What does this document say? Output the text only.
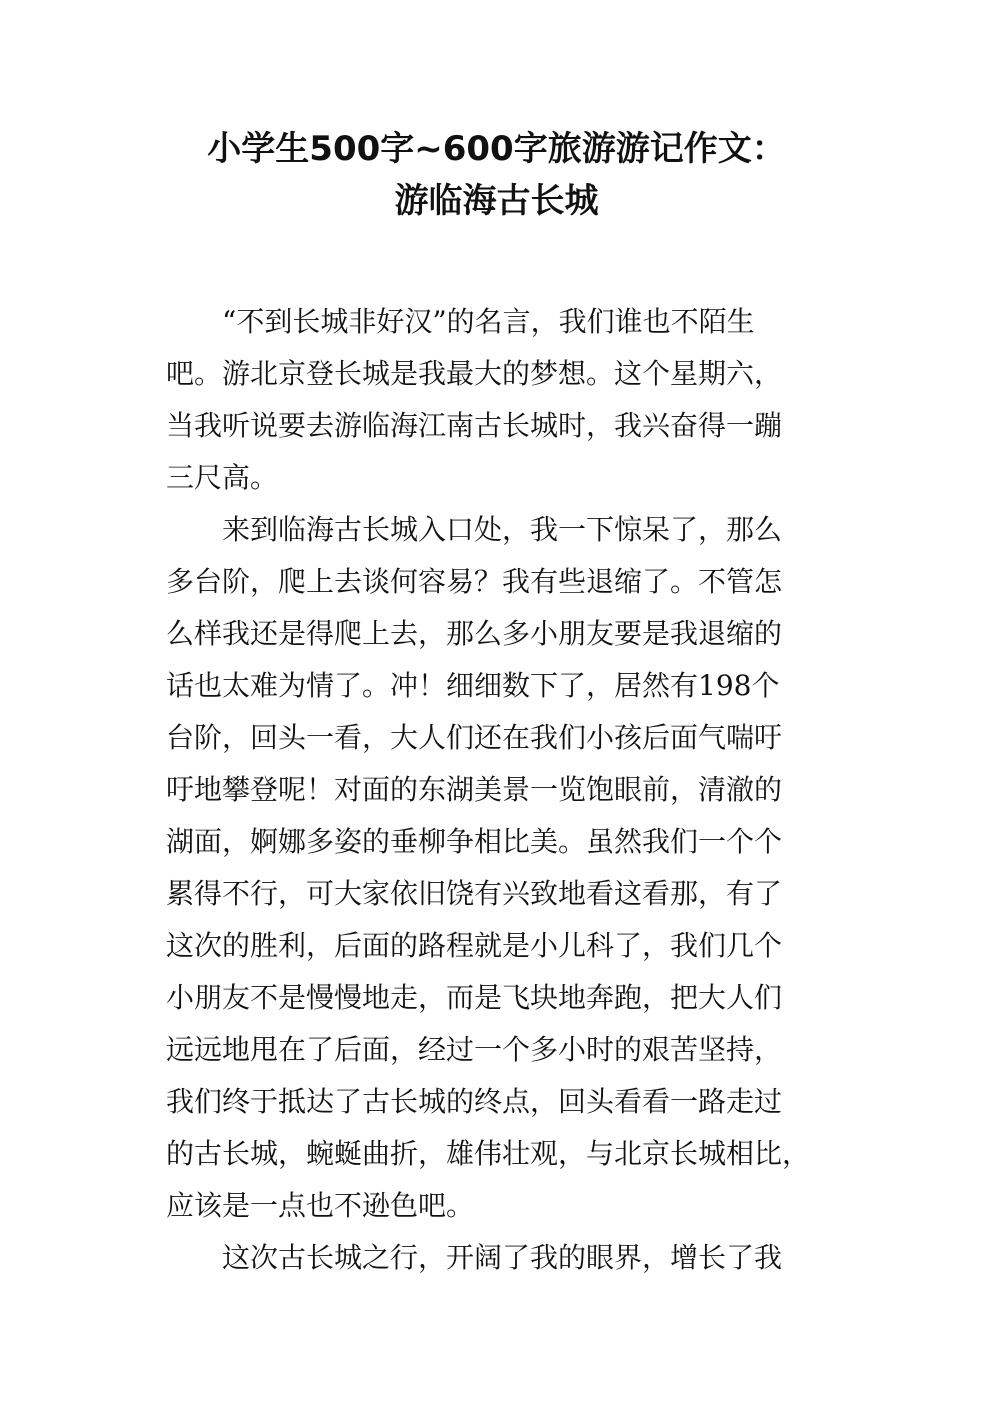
小学生500字~600字旅游游记作文：
游临海古长城
　　“不到长城非好汉”的名言，我们谁也不陌生
吧。游北京登长城是我最大的梦想。这个星期六，
当我听说要去游临海江南古长城时，我兴奋得一蹦
三尺高。
　　来到临海古长城入口处，我一下惊呆了，那么
多台阶，爬上去谈何容易？我有些退缩了。不管怎
么样我还是得爬上去，那么多小朋友要是我退缩的
话也太难为情了。冲！细细数下了，居然有198个
台阶，回头一看，大人们还在我们小孩后面气喘吁
吁地攀登呢！对面的东湖美景一览饱眼前，清澈的
湖面，婀娜多姿的垂柳争相比美。虽然我们一个个
累得不行，可大家依旧饶有兴致地看这看那，有了
这次的胜利，后面的路程就是小儿科了，我们几个
小朋友不是慢慢地走，而是飞块地奔跑，把大人们
远远地甩在了后面，经过一个多小时的艰苦坚持，
我们终于抵达了古长城的终点，回头看看一路走过
的古长城，蜿蜒曲折，雄伟壮观，与北京长城相比，
应该是一点也不逊色吧。
　　这次古长城之行，开阔了我的眼界，增长了我
